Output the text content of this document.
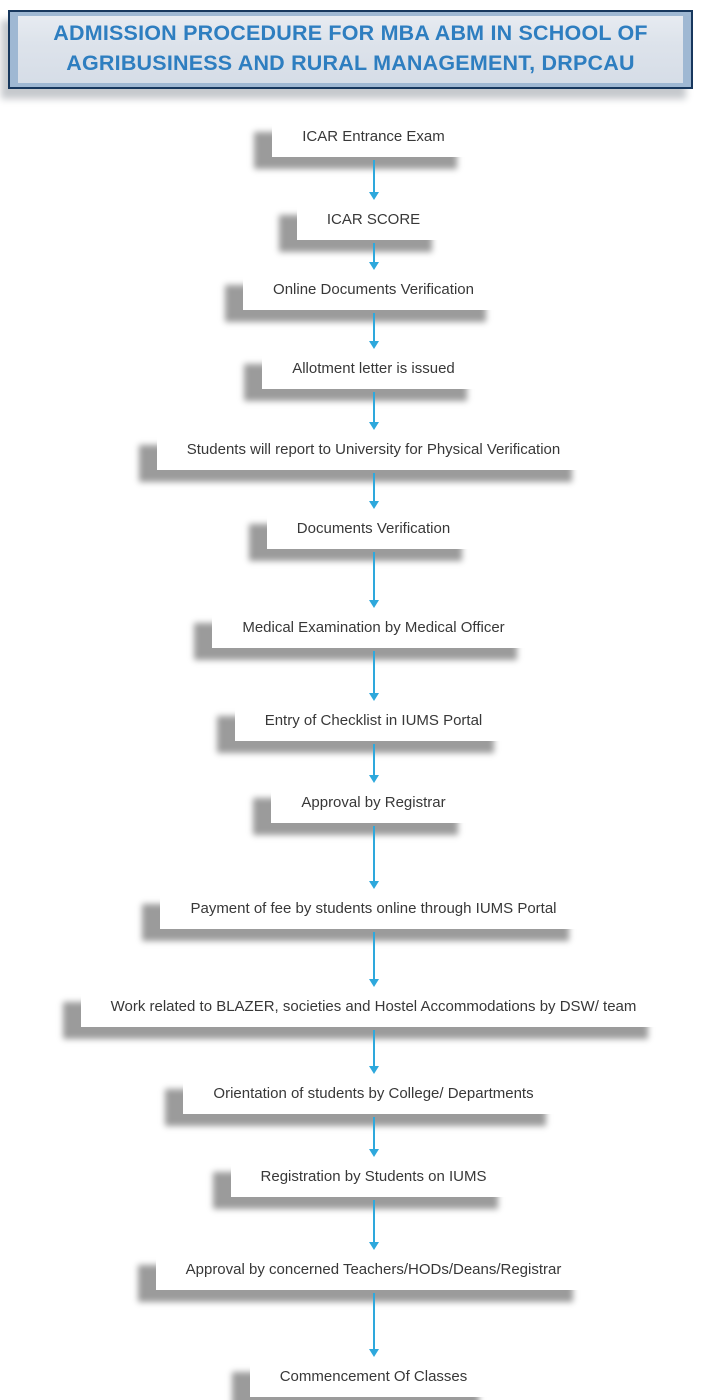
ADMISSION PROCEDURE FOR MBA ABM IN SCHOOL OF
AGRIBUSINESS AND RURAL MANAGEMENT, DRPCAU
ICAR Entrance Exam
ICAR SCORE
Online Documents Verification
Allotment letter is issued
Students will report to University for Physical Verification
Documents Verification
Medical Examination by Medical Officer
Entry of Checklist in IUMS Portal
Approval by Registrar
Payment of fee by students online through IUMS Portal
Work related to BLAZER, societies and Hostel Accommodations by DSW/ team
Orientation of students by College/ Departments
Registration by Students on IUMS
Approval by concerned Teachers/HODs/Deans/Registrar
Commencement Of Classes
